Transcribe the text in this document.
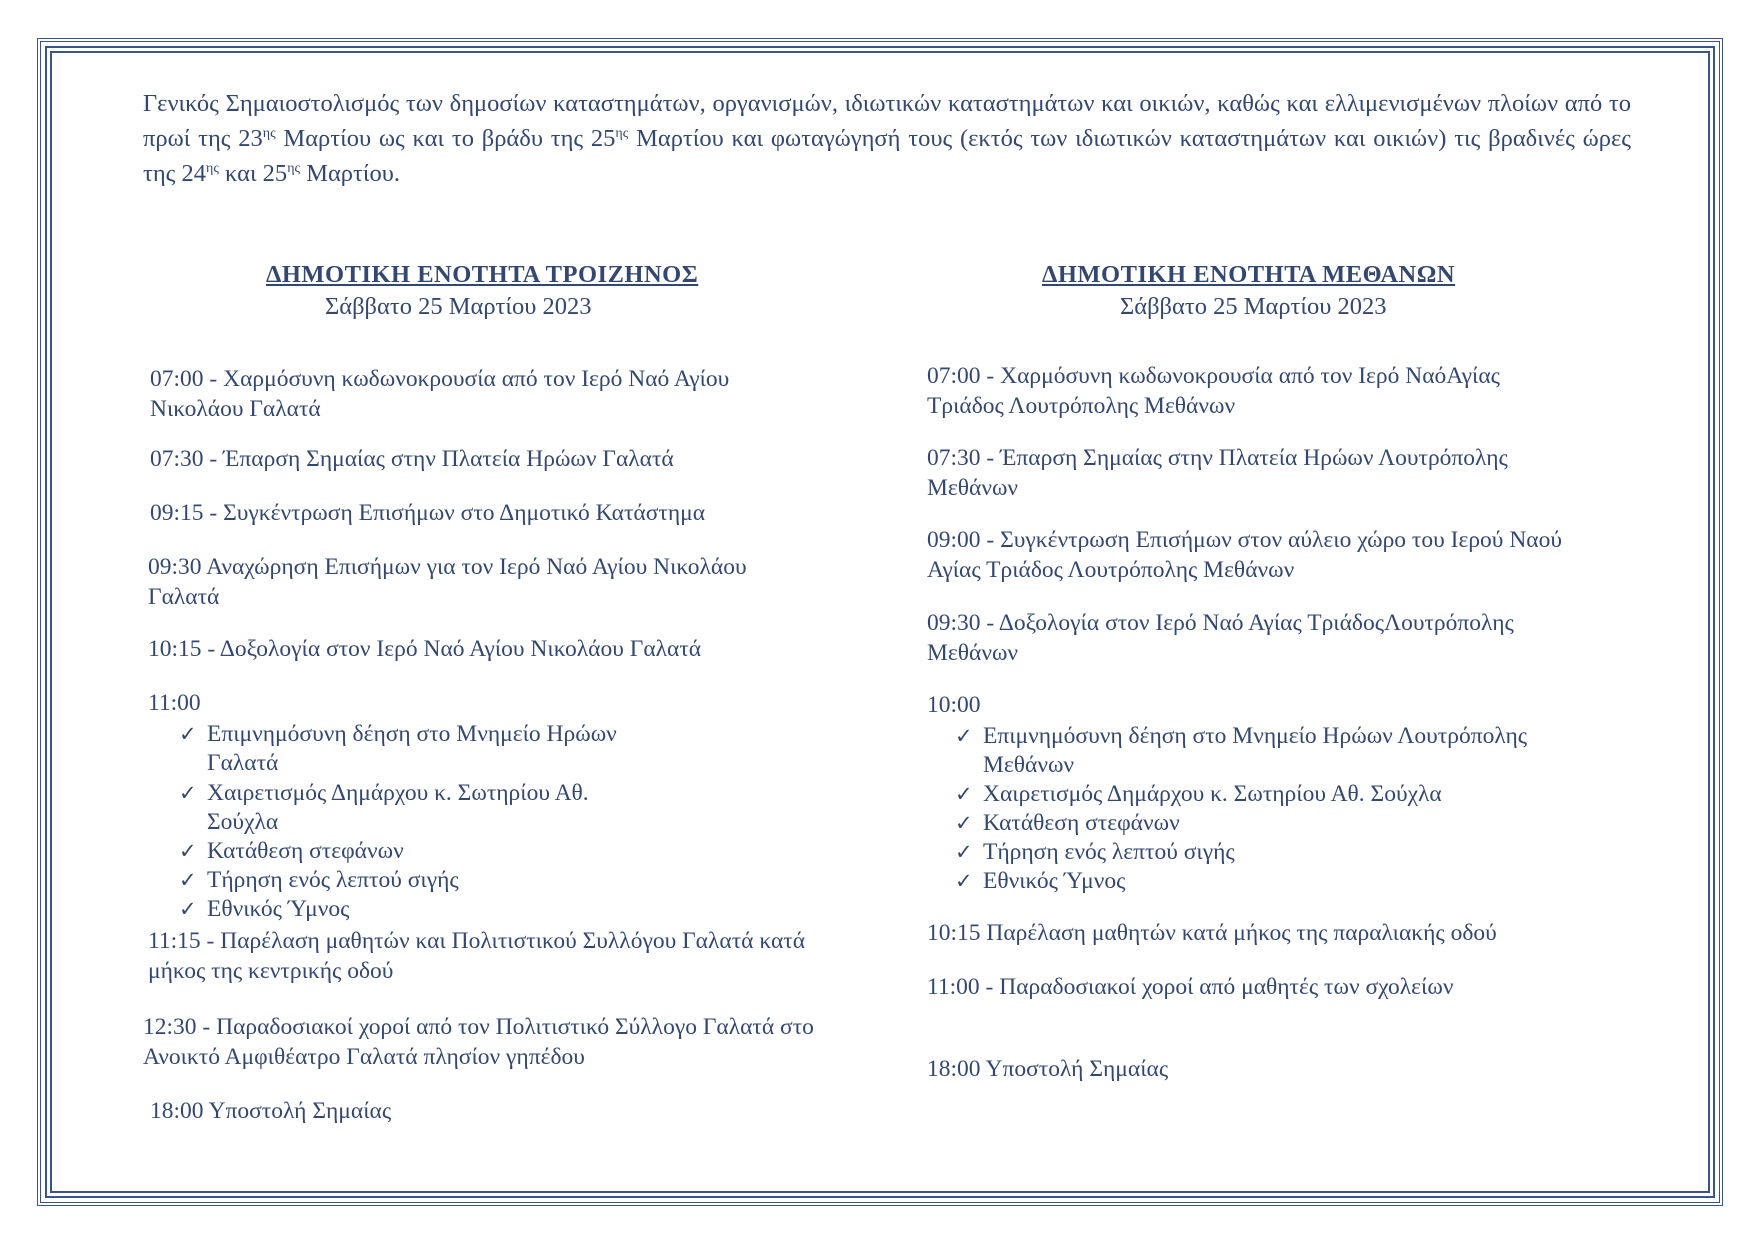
Γενικός Σημαιοστολισμός των δημοσίων καταστημάτων, οργανισμών, ιδιωτικών καταστημάτων και οικιών, καθώς και ελλιμενισμένων πλοίων από το πρωί της $23^{\eta\varsigma}$ Μαρτίου ως και το βράδυ της $25^{\eta\varsigma}$ Μαρτίου και φωταγώγησή τους (εκτός των ιδιωτικών καταστημάτων και οικιών) τις βραδινές ώρες της $24^{\eta\varsigma}$ και $25^{\eta\varsigma}$ Μαρτίου.

ΔΗΜΟΤΙΚΗ ΕΝΟΤΗΤΑ ΤΡΟΙΖΗΝΟΣ

Σάββατο 25 Μαρτίου 2023

07:00 - Χαρμόσυνη κωδωνοκρουσία από τον Ιερό Ναό Αγίου Νικολάου Γαλατά

07:30 - Έπαρση Σημαίας στην Πλατεία Ηρώων Γαλατά

09:15 - Συγκέντρωση Επισήμων στο Δημοτικό Κατάστημα

09:30 Αναχώρηση Επισήμων για τον Ιερό Ναό Αγίου Νικολάου Γαλατά

10:15 - Δοξολογία στον Ιερό Ναό Αγίου Νικολάου Γαλατά

11:00

✓ Επιμνημόσυνη δέηση στο Μνημείο Ηρώων Γαλατά
✓ Χαιρετισμός Δημάρχου κ. Σωτηρίου Αθ. Σούχλα
✓ Κατάθεση στεφάνων
✓ Τήρηση ενός λεπτού σιγής
✓ Εθνικός Ύμνος

11:15 - Παρέλαση μαθητών και Πολιτιστικού Συλλόγου Γαλατά κατά μήκος της κεντρικής οδού

12:30 - Παραδοσιακοί χοροί από τον Πολιτιστικό Σύλλογο Γαλατά στο Ανοικτό Αμφιθέατρο Γαλατά πλησίον γηπέδου

18:00 Υποστολή Σημαίας

ΔΗΜΟΤΙΚΗ ΕΝΟΤΗΤΑ ΜΕΘΑΝΩΝ

Σάββατο 25 Μαρτίου 2023

07:00 - Χαρμόσυνη κωδωνοκρουσία από τον Ιερό ΝαόΑγίας Τριάδος Λουτρόπολης Μεθάνων

07:30 - Έπαρση Σημαίας στην Πλατεία Ηρώων Λουτρόπολης Μεθάνων

09:00 - Συγκέντρωση Επισήμων στον αύλειο χώρο του Ιερού Ναού Αγίας Τριάδος Λουτρόπολης Μεθάνων

09:30 - Δοξολογία στον Ιερό Ναό Αγίας ΤριάδοςΛουτρόπολης Μεθάνων

10:00

✓ Επιμνημόσυνη δέηση στο Μνημείο Ηρώων Λουτρόπολης Μεθάνων
✓ Χαιρετισμός Δημάρχου κ. Σωτηρίου Αθ. Σούχλα
✓ Κατάθεση στεφάνων
✓ Τήρηση ενός λεπτού σιγής
✓ Εθνικός Ύμνος

10:15 Παρέλαση μαθητών κατά μήκος της παραλιακής οδού

11:00 - Παραδοσιακοί χοροί από μαθητές των σχολείων

18:00 Υποστολή Σημαίας
